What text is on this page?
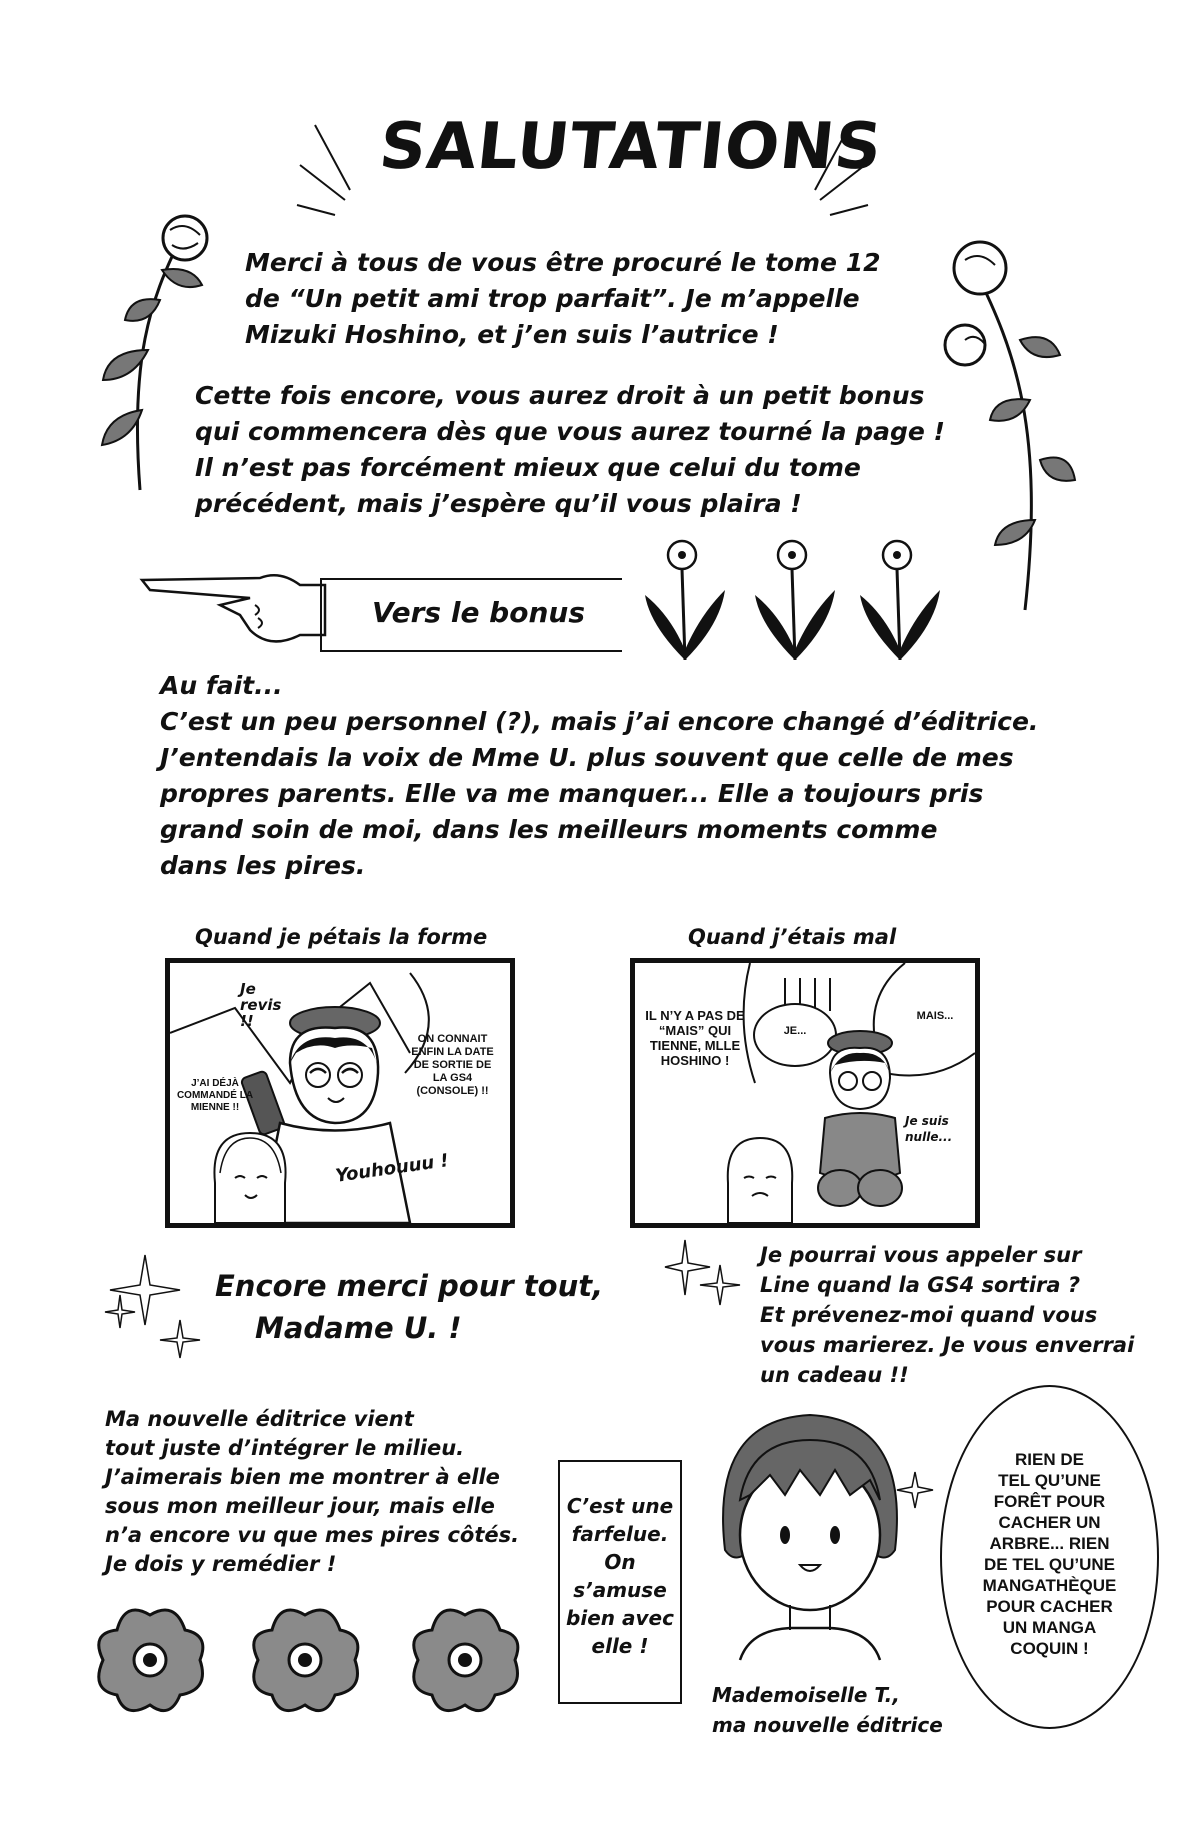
SALUTATIONS
Merci à tous de vous être procuré le tome 12
de “Un petit ami trop parfait”. Je m’appelle
Mizuki Hoshino, et j’en suis l’autrice !
Cette fois encore, vous aurez droit à un petit bonus
qui commencera dès que vous aurez tourné la page !
Il n’est pas forcément mieux que celui du tome
précédent, mais j’espère qu’il vous plaira !
Vers le bonus
Au fait...
C’est un peu personnel (?), mais j’ai encore changé d’éditrice.
J’entendais la voix de Mme U. plus souvent que celle de mes
propres parents. Elle va me manquer... Elle a toujours pris
grand soin de moi, dans les meilleurs moments comme
dans les pires.
Quand je pétais la forme
Je revis !!
J’AI DÉJÀ COMMANDÉ LA MIENNE !!
ON CONNAIT ENFIN LA DATE DE SORTIE DE LA GS4 (CONSOLE) !!
Youhouuu !
Quand j’étais mal
JE...
MAIS...
IL N’Y A PAS DE “MAIS” QUI TIENNE, MLLE HOSHINO !
Je suis nulle...
Encore merci pour tout,
Madame U. !
Je pourrai vous appeler sur
Line quand la GS4 sortira ?
Et prévenez-moi quand vous
vous marierez. Je vous enverrai
un cadeau !!
Ma nouvelle éditrice vient
tout juste d’intégrer le milieu.
J’aimerais bien me montrer à elle
sous mon meilleur jour, mais elle
n’a encore vu que mes pires côtés.
Je dois y remédier !
C’est une
farfelue.
On
s’amuse
bien avec
elle !
RIEN DE
TEL QU’UNE
FORÊT POUR
CACHER UN
ARBRE... RIEN
DE TEL QU’UNE
MANGATHÈQUE
POUR CACHER
UN MANGA
COQUIN !
Mademoiselle T.,
ma nouvelle éditrice
